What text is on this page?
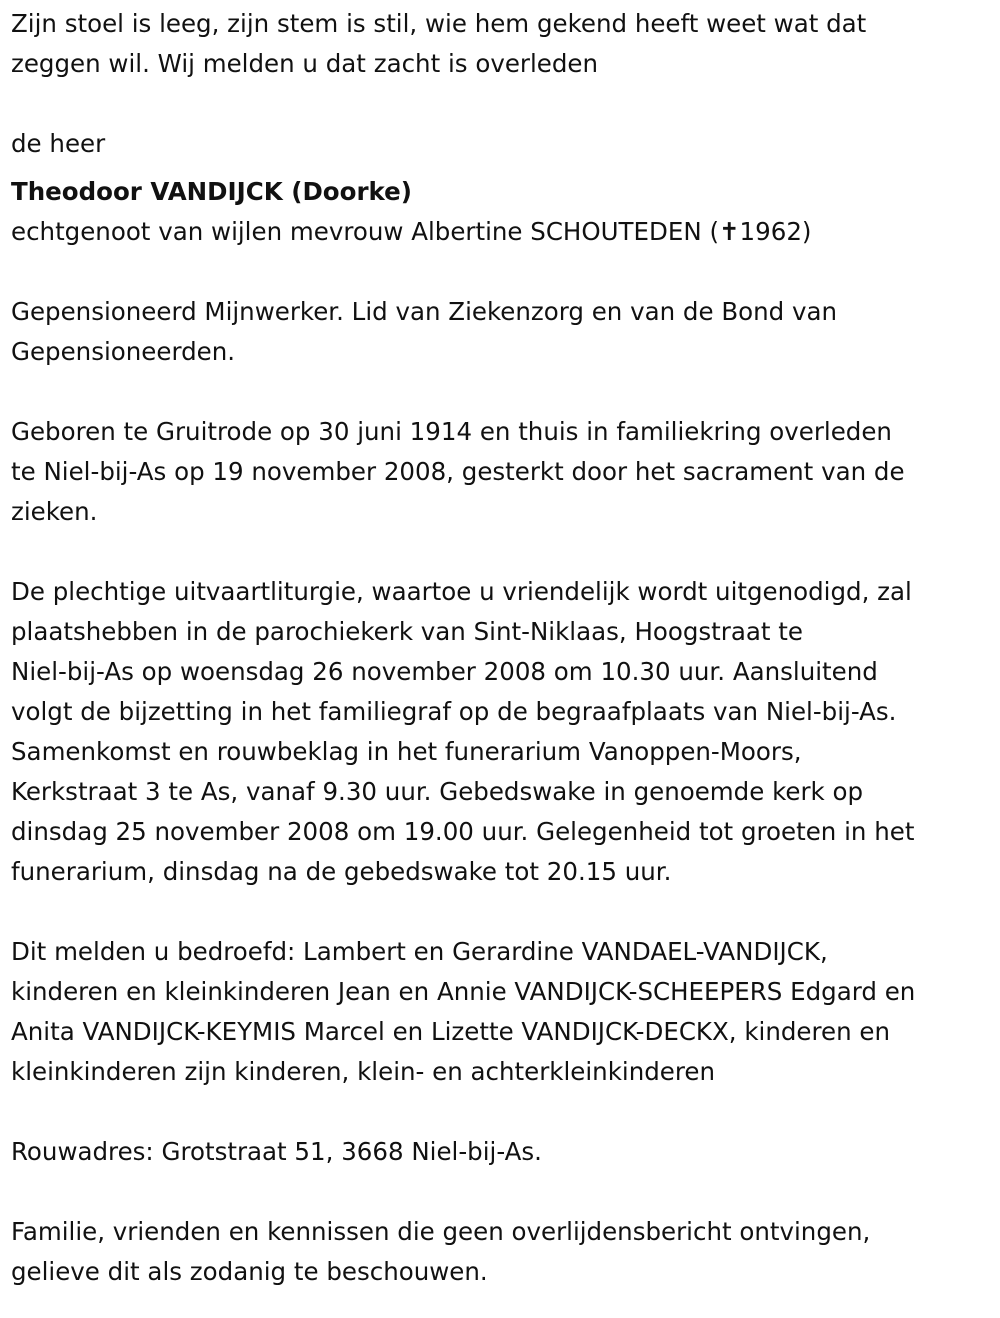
Zijn stoel is leeg, zijn stem is stil, wie hem gekend heeft weet wat dat
zeggen wil. Wij melden u dat zacht is overleden

de heer

Theodoor VANDIJCK (Doorke)

echtgenoot van wijlen mevrouw Albertine SCHOUTEDEN (✝1962)

Gepensioneerd Mijnwerker. Lid van Ziekenzorg en van de Bond van
Gepensioneerden.

Geboren te Gruitrode op 30 juni 1914 en thuis in familiekring overleden
te Niel-bij-As op 19 november 2008, gesterkt door het sacrament van de
zieken.

De plechtige uitvaartliturgie, waartoe u vriendelijk wordt uitgenodigd, zal
plaatshebben in de parochiekerk van Sint-Niklaas, Hoogstraat te
Niel-bij-As op woensdag 26 november 2008 om 10.30 uur. Aansluitend
volgt de bijzetting in het familiegraf op de begraafplaats van Niel-bij-As.
Samenkomst en rouwbeklag in het funerarium Vanoppen-Moors,
Kerkstraat 3 te As, vanaf 9.30 uur. Gebedswake in genoemde kerk op
dinsdag 25 november 2008 om 19.00 uur. Gelegenheid tot groeten in het
funerarium, dinsdag na de gebedswake tot 20.15 uur.

Dit melden u bedroefd: Lambert en Gerardine VANDAEL-VANDIJCK,
kinderen en kleinkinderen Jean en Annie VANDIJCK-SCHEEPERS Edgard en
Anita VANDIJCK-KEYMIS Marcel en Lizette VANDIJCK-DECKX, kinderen en
kleinkinderen zijn kinderen, klein- en achterkleinkinderen

Rouwadres: Grotstraat 51, 3668 Niel-bij-As.

Familie, vrienden en kennissen die geen overlijdensbericht ontvingen,
gelieve dit als zodanig te beschouwen.
